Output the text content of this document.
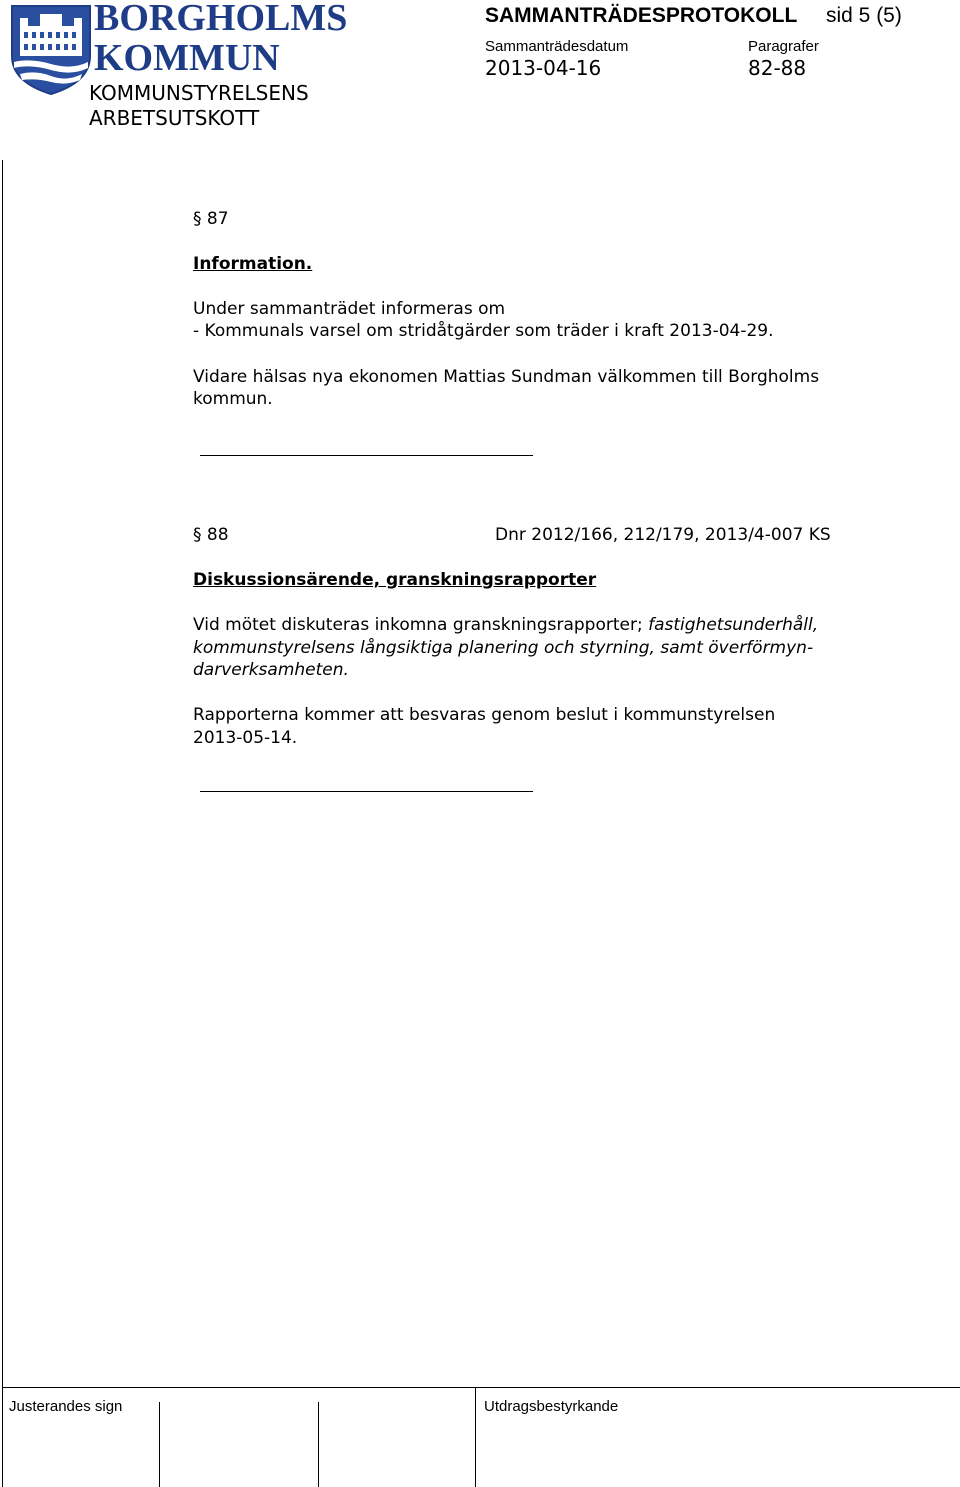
BORGHOLMS
KOMMUN
KOMMUNSTYRELSENS
ARBETSUTSKOTT
SAMMANTRÄDESPROTOKOLL sid 5 (5)
Sammanträdesdatum
2013-04-16
Paragrafer
82-88
§ 87
Information.
Under sammanträdet informeras om
- Kommunals varsel om stridåtgärder som träder i kraft 2013-04-29.
Vidare hälsas nya ekonomen Mattias Sundman välkommen till Borgholms
kommun.
§ 88	Dnr 2012/166, 212/179, 2013/4-007 KS
Diskussionsärende, granskningsrapporter
Vid mötet diskuteras inkomna granskningsrapporter; fastighetsunderhåll,
kommunstyrelsens långsiktiga planering och styrning, samt överförmyn-
darverksamheten.
Rapporterna kommer att besvaras genom beslut i kommunstyrelsen
2013-05-14.
Justerandes sign	Utdragsbestyrkande
